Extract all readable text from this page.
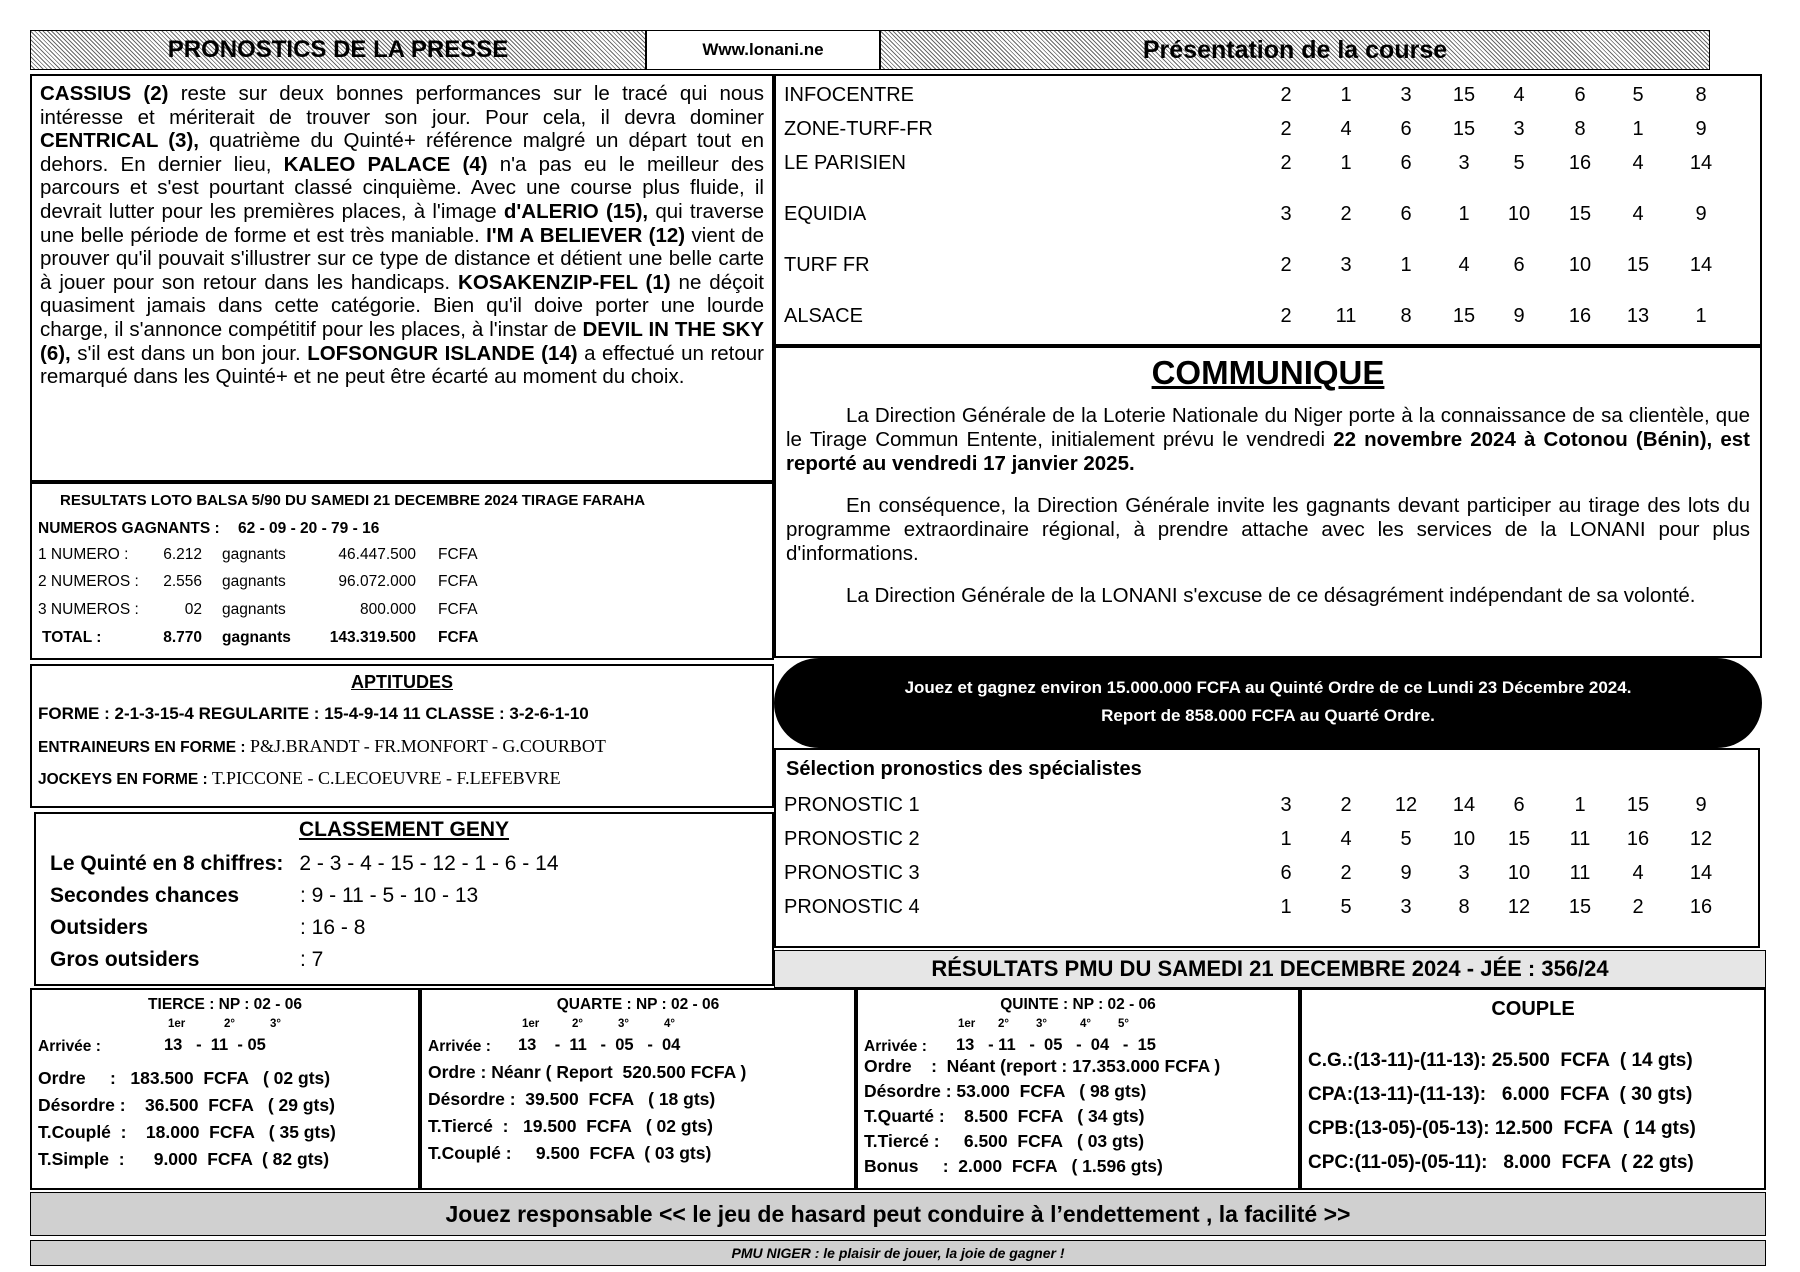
PRONOSTICS DE LA PRESSE	Www.lonani.ne	Présentation de la course
CASSIUS (2) reste sur deux bonnes performances sur le tracé qui nous intéresse et mériterait de trouver son jour. Pour cela, il devra dominer CENTRICAL (3), quatrième du Quinté+ référence malgré un départ tout en dehors. En dernier lieu, KALEO PALACE (4) n'a pas eu le meilleur des parcours et s'est pourtant classé cinquième. Avec une course plus fluide, il devrait lutter pour les premières places, à l'image d'ALERIO (15), qui traverse une belle période de forme et est très maniable. I'M A BELIEVER (12) vient de prouver qu'il pouvait s'illustrer sur ce type de distance et détient une belle carte à jouer pour son retour dans les handicaps. KOSAKENZIP-FEL (1) ne déçoit quasiment jamais dans cette catégorie. Bien qu'il doive porter une lourde charge, il s'annonce compétitif pour les places, à l'instar de DEVIL IN THE SKY (6), s'il est dans un bon jour. LOFSONGUR ISLANDE (14) a effectué un retour remarqué dans les Quinté+ et ne peut être écarté au moment du choix.
INFOCENTRE	2	1	3	15	4	6	5	8
ZONE-TURF-FR	2	4	6	15	3	8	1	9
LE PARISIEN	2	1	6	3	5	16	4	14
EQUIDIA	3	2	6	1	10	15	4	9
TURF FR	2	3	1	4	6	10	15	14
ALSACE	2	11	8	15	9	16	13	1
RESULTATS LOTO BALSA 5/90 DU SAMEDI 21 DECEMBRE 2024 TIRAGE FARAHA
NUMEROS GAGNANTS : 62 - 09 - 20 - 79 - 16
1 NUMERO :	6.212 gagnants	46.447.500 FCFA
2 NUMEROS :	2.556 gagnants	96.072.000 FCFA
3 NUMEROS :	02 gagnants	800.000 FCFA
TOTAL :	8.770 gagnants	143.319.500 FCFA
APTITUDES
FORME : 2-1-3-15-4 REGULARITE : 15-4-9-14 11 CLASSE : 3-2-6-1-10
ENTRAINEURS EN FORME : P&J.BRANDT - FR.MONFORT - G.COURBOT
JOCKEYS EN FORME : T.PICCONE - C.LECOEUVRE - F.LEFEBVRE
CLASSEMENT GENY
Le Quinté en 8 chiffres: 2 - 3 - 4 - 15 - 12 - 1 - 6 - 14
Secondes chances	: 9 - 11 - 5 - 10 - 13
Outsiders	: 16 - 8
Gros outsiders	: 7
COMMUNIQUE
La Direction Générale de la Loterie Nationale du Niger porte à la connaissance de sa clientèle, que le Tirage Commun Entente, initialement prévu le vendredi 22 novembre 2024 à Cotonou (Bénin), est reporté au vendredi 17 janvier 2025.
En conséquence, la Direction Générale invite les gagnants devant participer au tirage des lots du programme extraordinaire régional, à prendre attache avec les services de la LONANI pour plus d'informations.
La Direction Générale de la LONANI s'excuse de ce désagrément indépendant de sa volonté.
Jouez et gagnez environ 15.000.000 FCFA au Quinté Ordre de ce Lundi 23 Décembre 2024.
Report de 858.000 FCFA au Quarté Ordre.
Sélection pronostics des spécialistes
PRONOSTIC 1	3	2	12	14	6	1	15	9
PRONOSTIC 2	1	4	5	10	15	11	16	12
PRONOSTIC 3	6	2	9	3	10	11	4	14
PRONOSTIC 4	1	5	3	8	12	15	2	16
RÉSULTATS PMU DU SAMEDI 21 DECEMBRE 2024 - JÉE : 356/24
TIERCE : NP : 02 - 06
1er	2°	3°
Arrivée :	13   -  11  - 05
Ordre     :   183.500  FCFA   ( 02 gts)
Désordre :    36.500  FCFA   ( 29 gts)
T.Couplé  :    18.000  FCFA   ( 35 gts)
T.Simple  :      9.000  FCFA  ( 82 gts)
QUARTE : NP : 02 - 06
1er	2°	3°	4°
Arrivée : 13    -  11   -  05   -  04
Ordre : Néanr ( Report  520.500 FCFA )
Désordre :  39.500  FCFA   ( 18 gts)
T.Tiercé  :   19.500  FCFA   ( 02 gts)
T.Couplé :     9.500  FCFA  ( 03 gts)
QUINTE : NP : 02 - 06
1er 2° 3°	4° 5°
Arrivée : 13   - 11   -  05   -  04   -  15
Ordre    :  Néant (report : 17.353.000 FCFA )
Désordre : 53.000  FCFA   ( 98 gts)
T.Quarté :    8.500  FCFA   ( 34 gts)
T.Tiercé :     6.500  FCFA   ( 03 gts)
Bonus     :  2.000  FCFA   ( 1.596 gts)
COUPLE
C.G.:(13-11)-(11-13): 25.500  FCFA  ( 14 gts)
CPA:(13-11)-(11-13):   6.000  FCFA  ( 30 gts)
CPB:(13-05)-(05-13): 12.500  FCFA  ( 14 gts)
CPC:(11-05)-(05-11):   8.000  FCFA  ( 22 gts)
Jouez responsable << le jeu de hasard peut conduire à l’endettement , la facilité >>
PMU NIGER : le plaisir de jouer, la joie de gagner !
